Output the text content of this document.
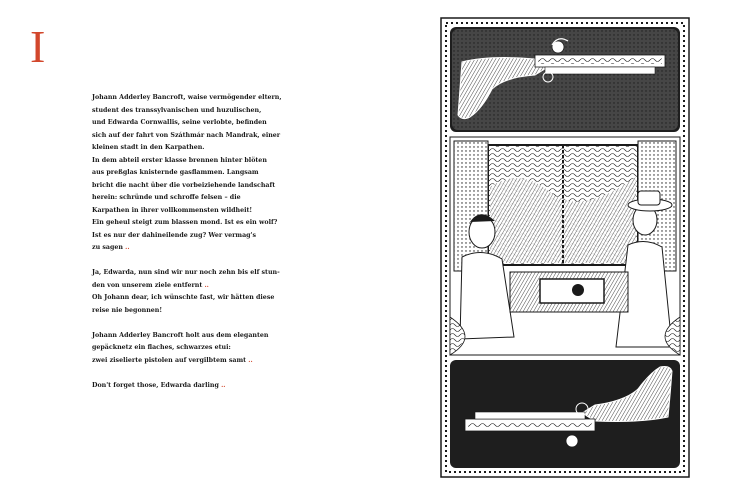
I
Johann Adderley Bancroft, waise vermögender eltern,
student des transsylvanischen und huzulischen,
und Edwarda Cornwallis, seine verlobte, befinden
sich auf der fahrt von Száthmár nach Mandrak, einer
kleinen stadt in den Karpathen.
In dem abteil erster klasse brennen hinter blöten
aus preßglas knisternde gasflammen. Langsam
bricht die nacht über die vorbeiziehende landschaft
herein: schründe und schroffe felsen – die
Karpathen in ihrer vollkommensten wildheit!
Ein geheul steigt zum blassen mond. Ist es ein wolf?
Ist es nur der dahineilende zug? Wer vermag's
zu sagen ..
Ja, Edwarda, nun sind wir nur noch zehn bis elf stun-
den von unserem ziele entfernt ..
Oh Johann dear, ich wünschte fast, wir hätten diese
reise nie begonnen!
Johann Adderley Bancroft holt aus dem eleganten
gepäcknetz ein flaches, schwarzes etui:
zwei ziselierte pistolen auf vergilbtem samt ..
Don't forget those, Edwarda darling ..
